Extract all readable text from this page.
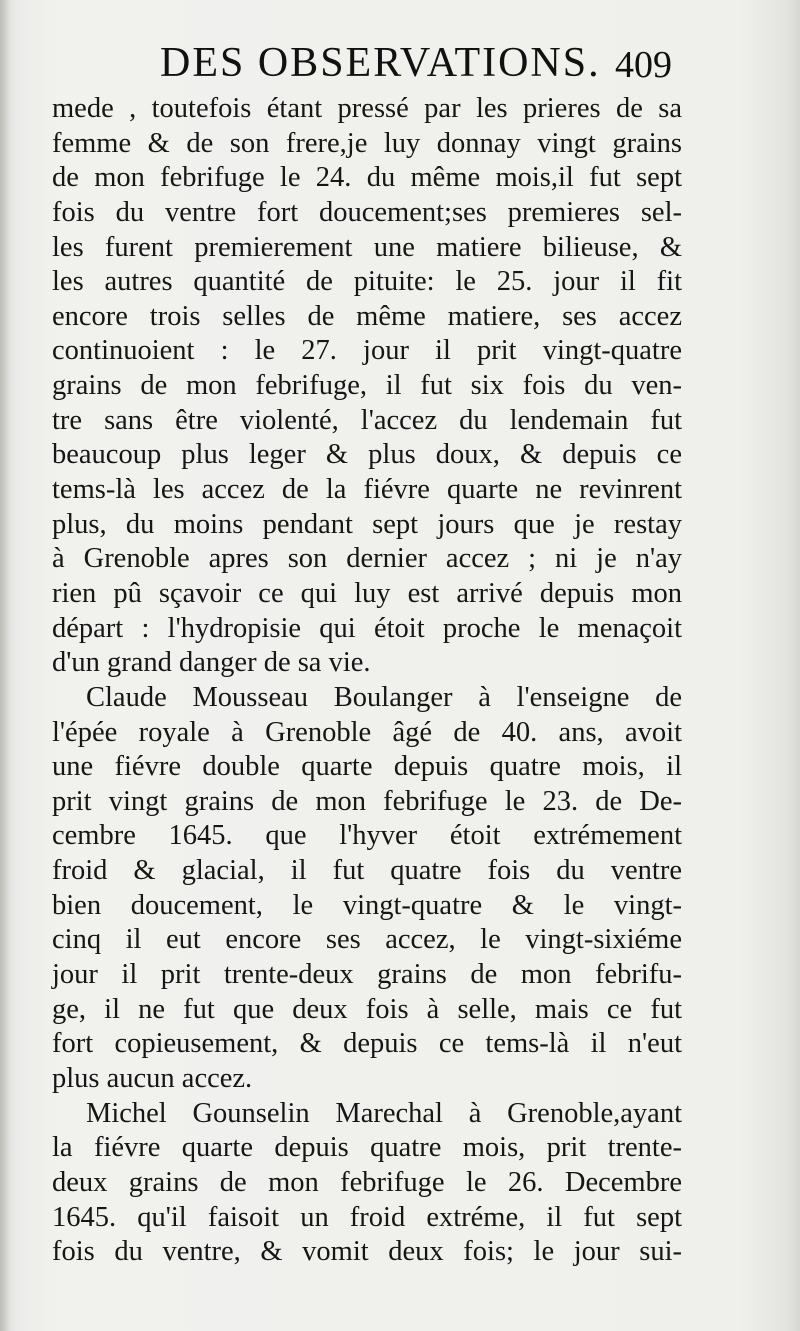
DES OBSERVATIONS. 409
mede , toutefois étant pressé par les prieres de sa
femme & de son frere,je luy donnay vingt grains
de mon febrifuge le 24. du même mois,il fut sept
fois du ventre fort doucement;ses premieres sel-
les furent premierement une matiere bilieuse, &
les autres quantité de pituite: le 25. jour il fit
encore trois selles de même matiere, ses accez
continuoient : le 27. jour il prit vingt-quatre
grains de mon febrifuge, il fut six fois du ven-
tre sans être violenté, l'accez du lendemain fut
beaucoup plus leger & plus doux, & depuis ce
tems-là les accez de la fiévre quarte ne revinrent
plus, du moins pendant sept jours que je restay
à Grenoble apres son dernier accez ; ni je n'ay
rien pû sçavoir ce qui luy est arrivé depuis mon
départ : l'hydropisie qui étoit proche le menaçoit
d'un grand danger de sa vie.
Claude Mousseau Boulanger à l'enseigne de
l'épée royale à Grenoble âgé de 40. ans, avoit
une fiévre double quarte depuis quatre mois, il
prit vingt grains de mon febrifuge le 23. de De-
cembre 1645. que l'hyver étoit extrémement
froid & glacial, il fut quatre fois du ventre
bien doucement, le vingt-quatre & le vingt-
cinq il eut encore ses accez, le vingt-sixiéme
jour il prit trente-deux grains de mon febrifu-
ge, il ne fut que deux fois à selle, mais ce fut
fort copieusement, & depuis ce tems-là il n'eut
plus aucun accez.
Michel Gounselin Marechal à Grenoble,ayant
la fiévre quarte depuis quatre mois, prit trente-
deux grains de mon febrifuge le 26. Decembre
1645. qu'il faisoit un froid extréme, il fut sept
fois du ventre, & vomit deux fois; le jour sui-
